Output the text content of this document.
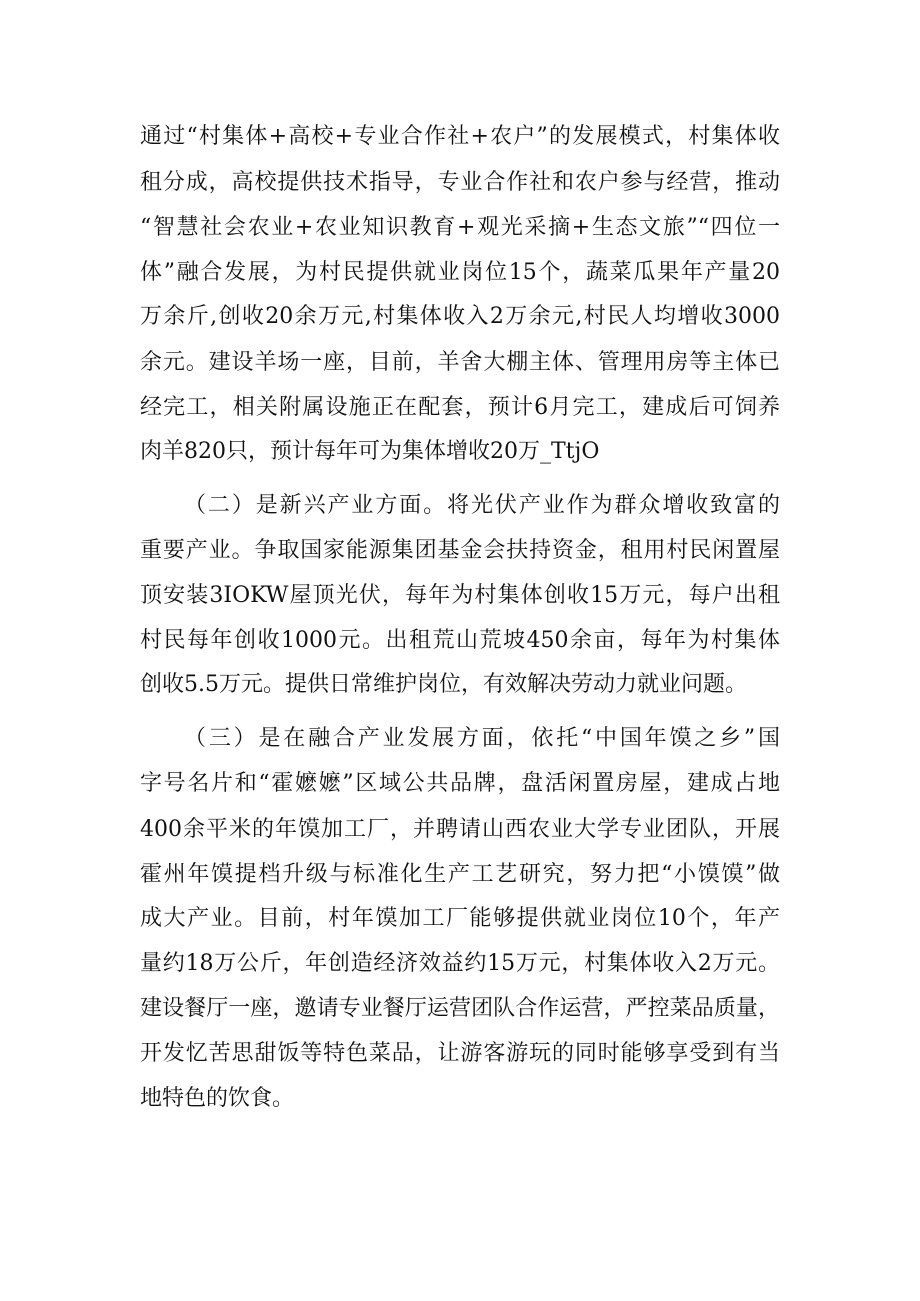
通过“村集体+高校+专业合作社+农户”的发展模式，村集体收
租分成，高校提供技术指导，专业合作社和农户参与经营，推动
“智慧社会农业+农业知识教育+观光采摘+生态文旅”“四位一
体”融合发展，为村民提供就业岗位15个，蔬菜瓜果年产量20
万余斤,创收20余万元,村集体收入2万余元,村民人均增收3000
余元。建设羊场一座，目前，羊舍大棚主体、管理用房等主体已
经完工，相关附属设施正在配套，预计6月完工，建成后可饲养
肉羊820只，预计每年可为集体增收20万_TtjO
（二）是新兴产业方面。将光伏产业作为群众增收致富的
重要产业。争取国家能源集团基金会扶持资金，租用村民闲置屋
顶安装3IOKW屋顶光伏，每年为村集体创收15万元，每户出租
村民每年创收1000元。出租荒山荒坡450余亩，每年为村集体
创收5.5万元。提供日常维护岗位，有效解决劳动力就业问题。
（三）是在融合产业发展方面，依托“中国年馍之乡”国
字号名片和“霍嬷嬷”区域公共品牌，盘活闲置房屋，建成占地
400余平米的年馍加工厂，并聘请山西农业大学专业团队，开展
霍州年馍提档升级与标准化生产工艺研究，努力把“小馍馍”做
成大产业。目前，村年馍加工厂能够提供就业岗位10个，年产
量约18万公斤，年创造经济效益约15万元，村集体收入2万元。
建设餐厅一座，邀请专业餐厅运营团队合作运营，严控菜品质量，
开发忆苦思甜饭等特色菜品，让游客游玩的同时能够享受到有当
地特色的饮食。
